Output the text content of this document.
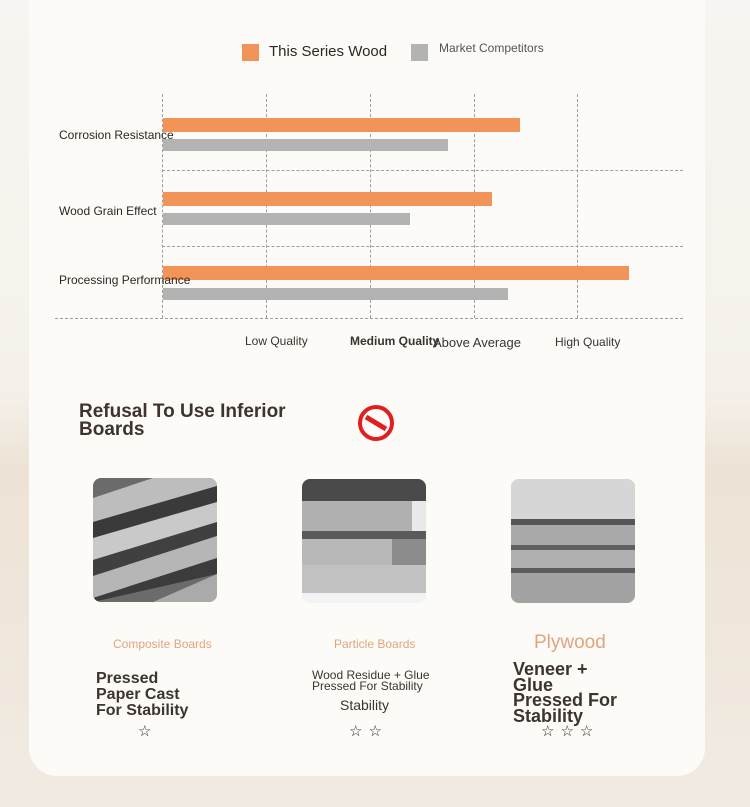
This Series Wood	Market Competitors
Corrosion Resistance
Wood Grain Effect
Processing Performance
Low Quality	Medium Quality
Above Average	High Quality
Refusal To Use Inferior Boards
Composite Boards	Particle Boards	Plywood
Pressed
Paper Cast
For Stability
Wood Residue + Glue
Pressed For Stability
Stability
Veneer +
Glue
Pressed For
Stability
☆	☆☆	☆☆☆
